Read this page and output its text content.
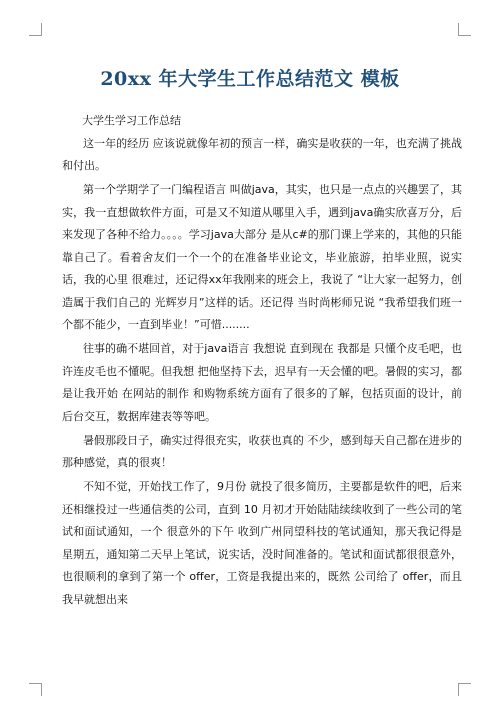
20xx 年大学生工作总结范文 模板

大学生学习工作总结

这一年的经历 应该说就像年初的预言一样，确实是收获的一年，也充满了挑战和付出。

第一个学期学了一门编程语言 叫做java，其实，也只是一点点的兴趣罢了，其实，我一直想做软件方面，可是又不知道从哪里入手，遇到java确实欣喜万分，后来发现了各种不给力。。。。学习java大部分 是从c#的那门课上学来的，其他的只能靠自己了。看着舍友们一个一个的在准备毕业论文，毕业旅游，拍毕业照，说实话，我的心里 很难过，还记得xx年我刚来的班会上，我说了 “让大家一起努力，创造属于我们自己的 光辉岁月”这样的话。还记得 当时尚彬师兄说 “我希望我们班一个都不能少，一直到毕业！”可惜........

往事的确不堪回首，对于java语言 我想说 直到现在 我都是 只懂个皮毛吧，也许连皮毛也不懂呢。但我想 把他坚持下去，迟早有一天会懂的吧。暑假的实习，都是让我开始 在网站的制作 和购物系统方面有了很多的了解，包括页面的设计，前后台交互，数据库建表等等吧。

暑假那段日子，确实过得很充实，收获也真的 不少，感到每天自己都在进步的那种感觉，真的很爽！

不知不觉，开始找工作了，9月份 就投了很多简历，主要都是软件的吧，后来还相继投过一些通信类的公司，直到 10 月初才开始陆陆续续收到了一些公司的笔试和面试通知，一个 很意外的下午 收到广州同望科技的笔试通知，那天我记得是星期五，通知第二天早上笔试，说实话，没时间准备的。笔试和面试都很很意外，也很顺利的拿到了第一个 offer，工资是我提出来的，既然 公司给了 offer，而且 我早就想出来
